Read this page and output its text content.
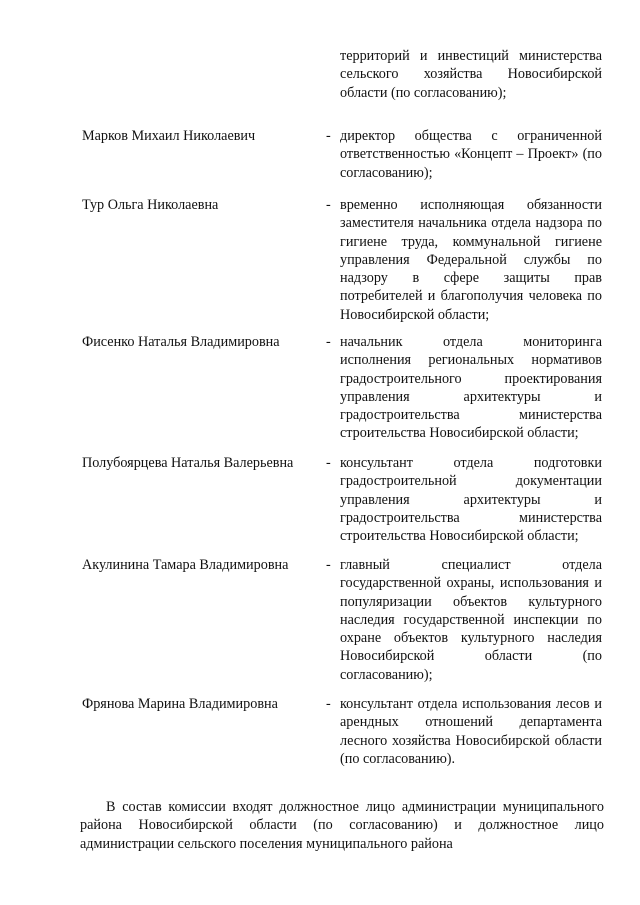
территорий и инвестиций министерства сельского хозяйства Новосибирской области (по согласованию);
Марков Михаил Николаевич	- директор общества с ограниченной ответственностью «Концепт – Проект» (по согласованию);
Тур Ольга Николаевна	- временно исполняющая обязанности заместителя начальника отдела надзора по гигиене труда, коммунальной гигиене управления Федеральной службы по надзору в сфере защиты прав потребителей и благополучия человека по Новосибирской области;
Фисенко Наталья Владимировна	- начальник отдела мониторинга исполнения региональных нормативов градостроительного проектирования управления архитектуры и градостроительства министерства строительства Новосибирской области;
Полубоярцева Наталья Валерьевна - консультант отдела подготовки градостроительной документации управления архитектуры и градостроительства министерства строительства Новосибирской области;
Акулинина Тамара Владимировна	- главный специалист отдела государственной охраны, использования и популяризации объектов культурного наследия государственной инспекции по охране объектов культурного наследия Новосибирской области (по согласованию);
Фрянова Марина Владимировна	- консультант отдела использования лесов и арендных отношений департамента лесного хозяйства Новосибирской области (по согласованию).
В состав комиссии входят должностное лицо администрации муниципального района Новосибирской области (по согласованию) и должностное лицо администрации сельского поселения муниципального района
